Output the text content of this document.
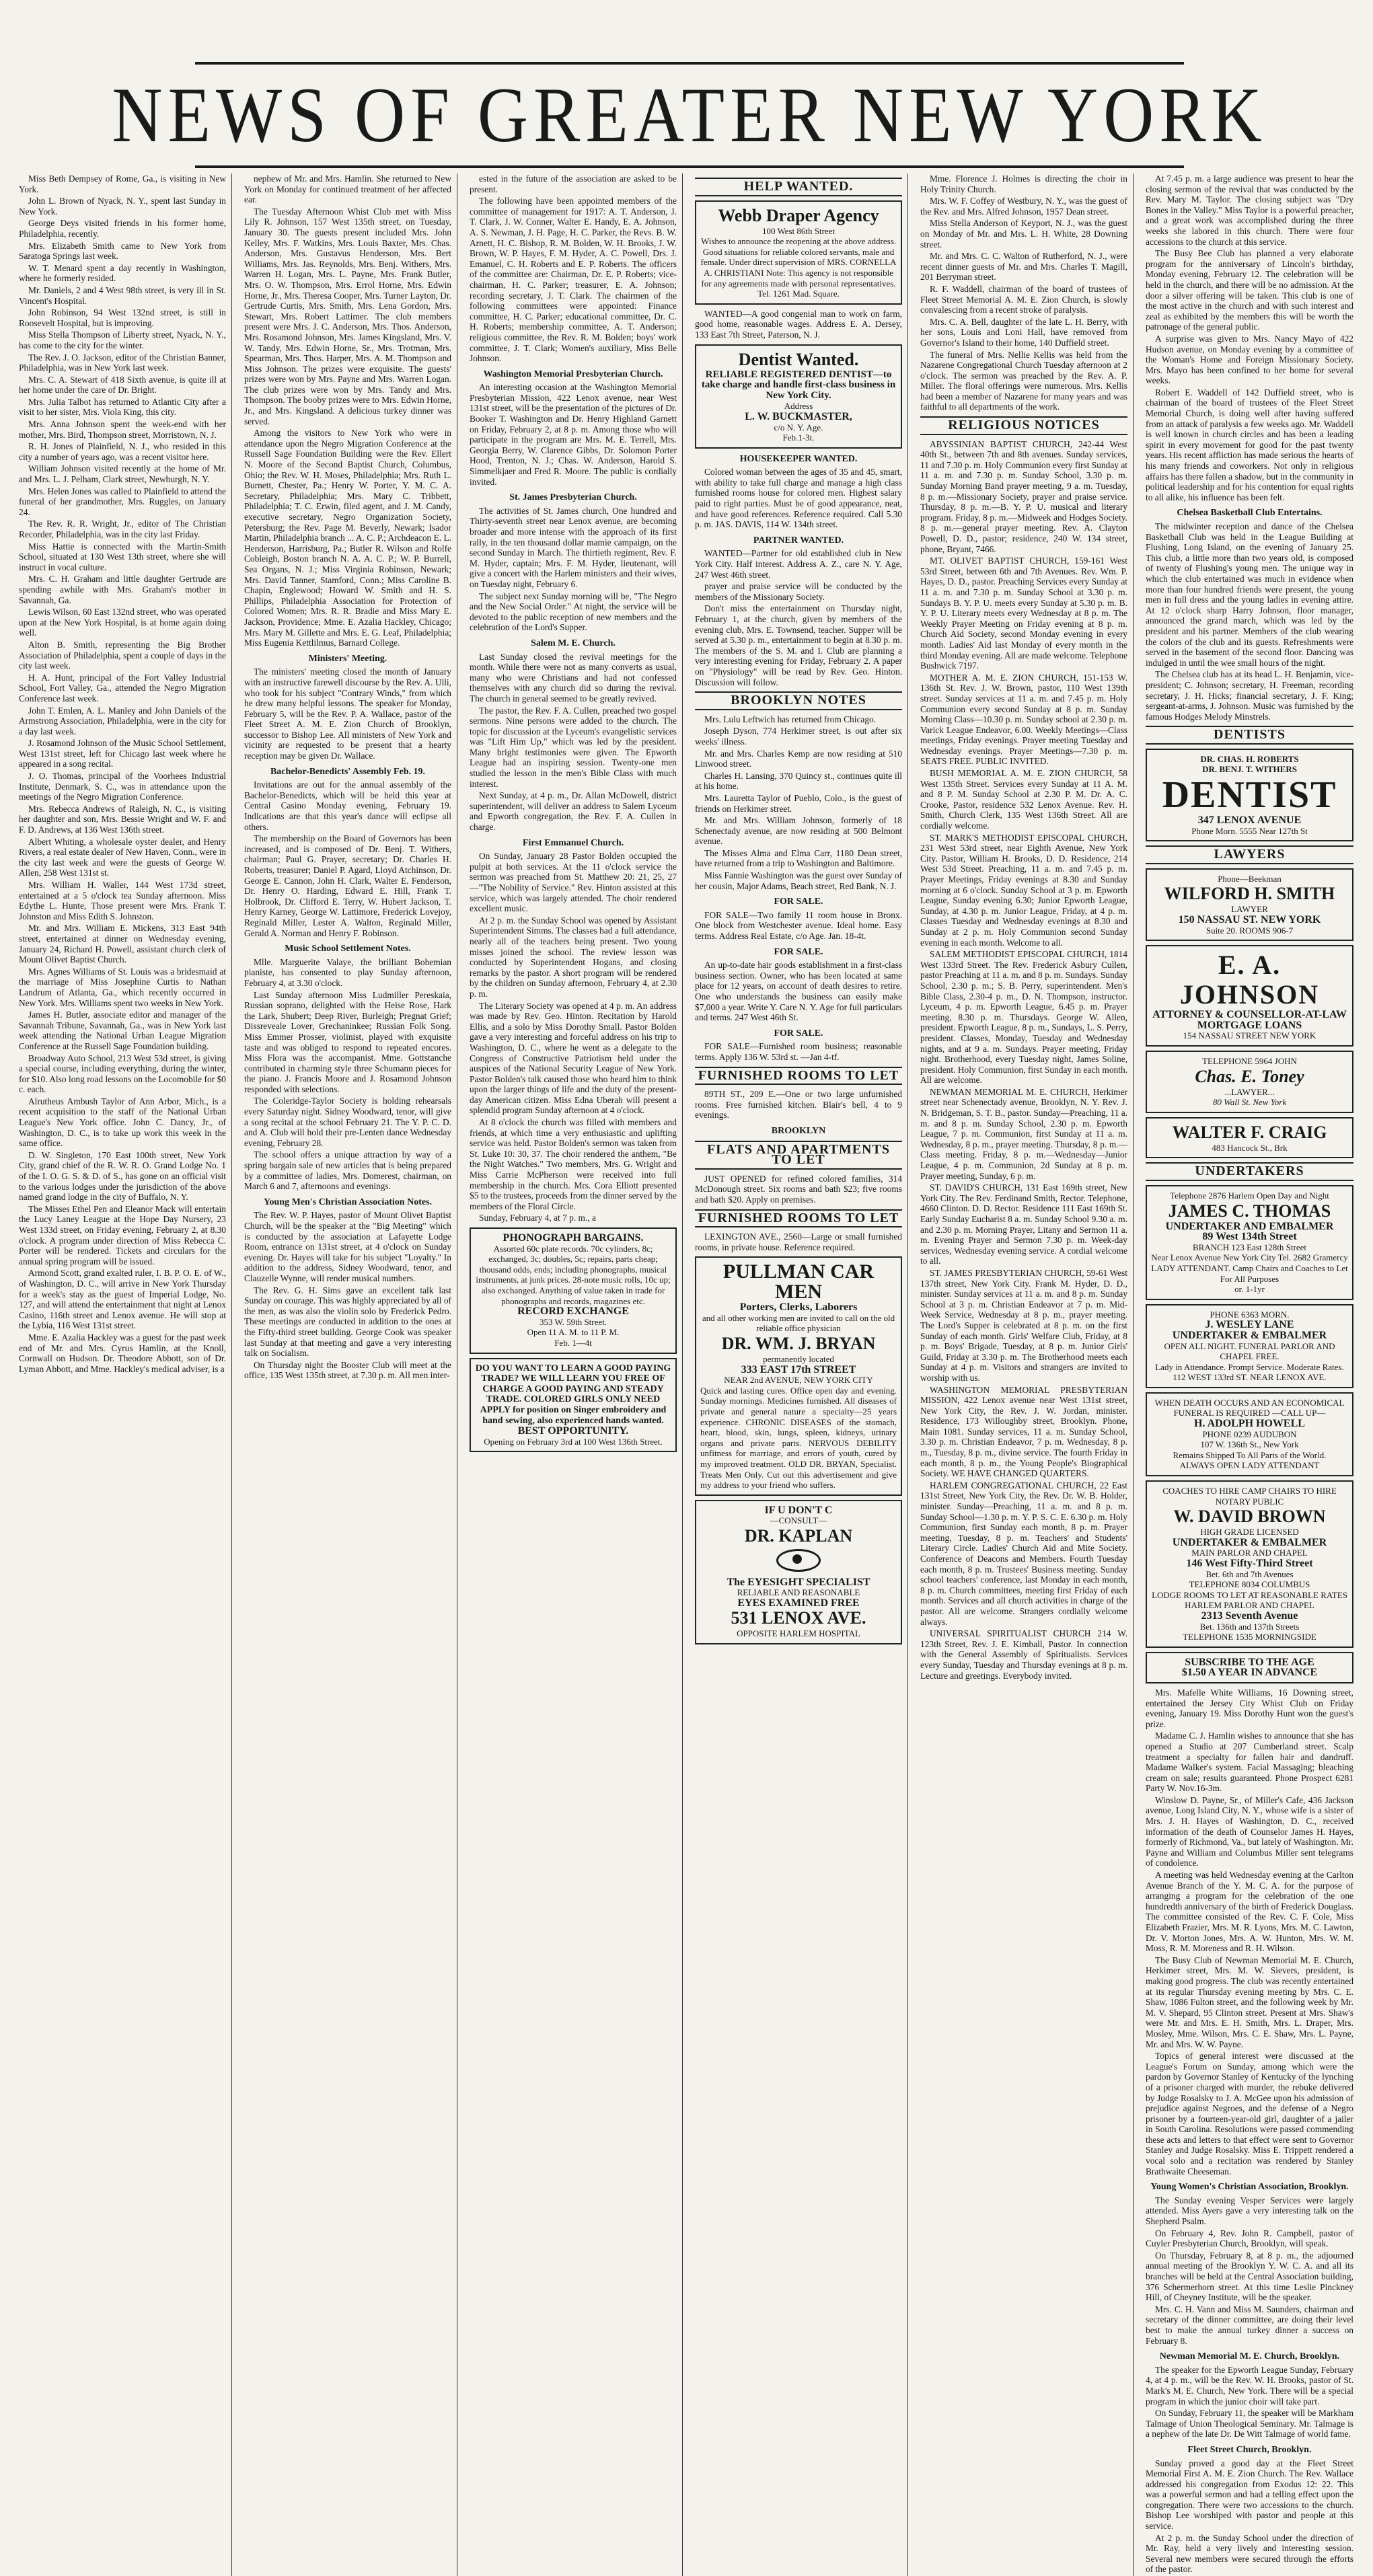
NEWS OF GREATER NEW YORK

Miss Beth Dempsey of Rome, Ga., is visiting in New York.

John L. Brown of Nyack, N. Y., spent last Sunday in New York.

George Deys visited friends in his former home, Philadelphia, recently.

Mrs. Elizabeth Smith came to New York from Saratoga Springs last week.

W. T. Menard spent a day recently in Washington, where he formerly resided.

Mr. Daniels, 2 and 4 West 98th street, is very ill in St. Vincent's Hospital.

John Robinson, 94 West 132nd street, is still in Roosevelt Hospital, but is improving.

Miss Stella Thompson of Liberty street, Nyack, N. Y., has come to the city for the winter.

The Rev. J. O. Jackson, editor of the Christian Banner, Philadelphia, was in New York last week.

Mrs. C. A. Stewart of 418 Sixth avenue, is quite ill at her home under the care of Dr. Bright.

Mrs. Julia Talbot has returned to Atlantic City after a visit to her sister, Mrs. Viola King, this city.

Mrs. Anna Johnson spent the week-end with her mother, Mrs. Bird, Thompson street, Morristown, N. J.

R. H. Jones of Plainfield, N. J., who resided in this city a number of years ago, was a recent visitor here.

William Johnson visited recently at the home of Mr. and Mrs. L. J. Pelham, Clark street, Newburgh, N. Y.

Mrs. Helen Jones was called to Plainfield to attend the funeral of her grandmother, Mrs. Ruggles, on January 24.

The Rev. R. R. Wright, Jr., editor of The Christian Recorder, Philadelphia, was in the city last Friday.

Miss Hattie is connected with the Martin-Smith School, situated at 130 West 13th street, where she will instruct in vocal culture.

Mrs. C. H. Graham and little daughter Gertrude are spending awhile with Mrs. Graham's mother in Savannah, Ga.

Lewis Wilson, 60 East 132nd street, who was operated upon at the New York Hospital, is at home again doing well.

Alton B. Smith, representing the Big Brother Association of Philadelphia, spent a couple of days in the city last week.

H. A. Hunt, principal of the Fort Valley Industrial School, Fort Valley, Ga., attended the Negro Migration Conference last week.

John T. Emlen, A. L. Manley and John Daniels of the Armstrong Association, Philadelphia, were in the city for a day last week.

J. Rosamond Johnson of the Music School Settlement, West 131st street, left for Chicago last week where he appeared in a song recital.

J. O. Thomas, principal of the Voorhees Industrial Institute, Denmark, S. C., was in attendance upon the meetings of the Negro Migration Conference.

Mrs. Rebecca Andrews of Raleigh, N. C., is visiting her daughter and son, Mrs. Bessie Wright and W. F. and F. D. Andrews, at 136 West 136th street.

Albert Whiting, a wholesale oyster dealer, and Henry Rivers, a real estate dealer of New Haven, Conn., were in the city last week and were the guests of George W. Allen, 258 West 131st st.

Mrs. William H. Waller, 144 West 173d street, entertained at a 5 o'clock tea Sunday afternoon. Miss Edythe L. Hunte, Those present were Mrs. Frank T. Johnston and Miss Edith S. Johnston.

Mr. and Mrs. William E. Mickens, 313 East 94th street, entertained at dinner on Wednesday evening, January 24, Richard H. Powell, assistant church clerk of Mount Olivet Baptist Church.

Mrs. Agnes Williams of St. Louis was a bridesmaid at the marriage of Miss Josephine Curtis to Nathan Landrum of Atlanta, Ga., which recently occurred in New York. Mrs. Williams spent two weeks in New York.

James H. Butler, associate editor and manager of the Savannah Tribune, Savannah, Ga., was in New York last week attending the National Urban League Migration Conference at the Russell Sage Foundation building.

Broadway Auto School, 213 West 53d street, is giving a special course, including everything, during the winter, for $10. Also long road lessons on the Locomobile for $0 c. each.

Alrutheus Ambush Taylor of Ann Arbor, Mich., is a recent acquisition to the staff of the National Urban League's New York office. John C. Dancy, Jr., of Washington, D. C., is to take up work this week in the same office.

D. W. Singleton, 170 East 100th street, New York City, grand chief of the R. W. R. O. Grand Lodge No. 1 of the I. O. G. S. & D. of S., has gone on an official visit to the various lodges under the jurisdiction of the above named grand lodge in the city of Buffalo, N. Y.

The Misses Ethel Pen and Eleanor Mack will entertain the Lucy Laney League at the Hope Day Nursery, 23 West 133d street, on Friday evening, February 2, at 8.30 o'clock. A program under direction of Miss Rebecca C. Porter will be rendered. Tickets and circulars for the annual spring program will be issued.

Armond Scott, grand exalted ruler, I. B. P. O. E. of W., of Washington, D. C., will arrive in New York Thursday for a week's stay as the guest of Imperial Lodge, No. 127, and will attend the entertainment that night at Lenox Casino, 116th street and Lenox avenue. He will stop at the Lybia, 116 West 131st street.

Mme. E. Azalia Hackley was a guest for the past week end of Mr. and Mrs. Cyrus Hamlin, at the Knoll, Cornwall on Hudson. Dr. Theodore Abbott, son of Dr. Lyman Abbott, and Mme. Hackley's medical adviser, is a

nephew of Mr. and Mrs. Hamlin. She returned to New York on Monday for continued treatment of her affected ear.

The Tuesday Afternoon Whist Club met with Miss Lily R. Johnson, 157 West 135th street, on Tuesday, January 30. The guests present included Mrs. John Kelley, Mrs. F. Watkins, Mrs. Louis Baxter, Mrs. Chas. Anderson, Mrs. Gustavus Henderson, Mrs. Bert Williams, Mrs. Jas. Reynolds, Mrs. Benj. Withers, Mrs. Warren H. Logan, Mrs. L. Payne, Mrs. Frank Butler, Mrs. O. W. Thompson, Mrs. Errol Horne, Mrs. Edwin Horne, Jr., Mrs. Theresa Cooper, Mrs. Turner Layton, Dr. Gertrude Curtis, Mrs. Smith, Mrs. Lena Gordon, Mrs. Stewart, Mrs. Robert Lattimer. The club members present were Mrs. J. C. Anderson, Mrs. Thos. Anderson, Mrs. Rosamond Johnson, Mrs. James Kingsland, Mrs. V. W. Tandy, Mrs. Edwin Horne, Sr., Mrs. Trotman, Mrs. Spearman, Mrs. Thos. Harper, Mrs. A. M. Thompson and Miss Johnson. The prizes were exquisite. The guests' prizes were won by Mrs. Payne and Mrs. Warren Logan. The club prizes were won by Mrs. Tandy and Mrs. Thompson. The booby prizes were to Mrs. Edwin Horne, Jr., and Mrs. Kingsland. A delicious turkey dinner was served.

Among the visitors to New York who were in attendance upon the Negro Migration Conference at the Russell Sage Foundation Building were the Rev. Ellert N. Moore of the Second Baptist Church, Columbus, Ohio; the Rev. W. H. Moses, Philadelphia; Mrs. Ruth L. Burnett, Chester, Pa.; Henry W. Porter, Y. M. C. A. Secretary, Philadelphia; Mrs. Mary C. Tribbett, Philadelphia; T. C. Erwin, filed agent, and J. M. Candy, executive secretary, Negro Organization Society, Petersburg; the Rev. Page M. Beverly, Newark; Isador Martin, Philadelphia branch ... A. C. P.; Archdeacon E. L. Henderson, Harrisburg, Pa.; Butler R. Wilson and Rolfe Cobleigh, Boston branch N. A. A. C. P.; W. P. Burrell, Sea Organs, N. J.; Miss Virginia Robinson, Newark; Mrs. David Tanner, Stamford, Conn.; Miss Caroline B. Chapin, Englewood; Howard W. Smith and H. S. Phillips, Philadelphia Association for Protection of Colored Women; Mrs. R. R. Bradie and Miss Mary E. Jackson, Providence; Mme. E. Azalia Hackley, Chicago; Mrs. Mary M. Gillette and Mrs. E. G. Leaf, Philadelphia; Miss Eugenia Kettlilmus, Barnard College.

Ministers' Meeting.

The ministers' meeting closed the month of January with an instructive farewell discourse by the Rev. A. Ulli, who took for his subject "Contrary Winds," from which he drew many helpful lessons. The speaker for Monday, February 5, will be the Rev. P. A. Wallace, pastor of the Fleet Street A. M. E. Zion Church of Brooklyn, successor to Bishop Lee. All ministers of New York and vicinity are requested to be present that a hearty reception may be given Dr. Wallace.

Bachelor-Benedicts' Assembly Feb. 19.

Invitations are out for the annual assembly of the Bachelor-Benedicts, which will be held this year at Central Casino Monday evening, February 19. Indications are that this year's dance will eclipse all others.

The membership on the Board of Governors has been increased, and is composed of Dr. Benj. T. Withers, chairman; Paul G. Prayer, secretary; Dr. Charles H. Roberts, treasurer; Daniel P. Agard, Lloyd Atchinson, Dr. George E. Cannon, John H. Clark, Walter E. Fenderson, Dr. Henry O. Harding, Edward E. Hill, Frank T. Holbrook, Dr. Clifford E. Terry, W. Hubert Jackson, T. Henry Karney, George W. Lattimore, Frederick Lovejoy, Reginald Miller, Lester A. Walton, Reginald Miller, Gerald A. Norman and Henry F. Robinson.

Music School Settlement Notes.

Mlle. Marguerite Valaye, the brilliant Bohemian pianiste, has consented to play Sunday afternoon, February 4, at 3.30 o'clock.

Last Sunday afternoon Miss Ludmiller Pereskaia, Russian soprano, delighted with the Heise Rose, Hark the Lark, Shubert; Deep River, Burleigh; Pregnat Grief; Dissreveale Lover, Grechaninkee; Russian Folk Song. Miss Emmer Prosser, violinist, played with exquisite taste and was obliged to respond to repeated encores. Miss Flora was the accompanist. Mme. Gottstanche contributed in charming style three Schumann pieces for the piano. J. Francis Moore and J. Rosamond Johnson responded with selections.

The Coleridge-Taylor Society is holding rehearsals every Saturday night. Sidney Woodward, tenor, will give a song recital at the school February 21. The Y. P. C. D. and A. Club will hold their pre-Lenten dance Wednesday evening, February 28.

The school offers a unique attraction by way of a spring bargain sale of new articles that is being prepared by a committee of ladies, Mrs. Domerest, chairman, on March 6 and 7, afternoons and evenings.

Young Men's Christian Association Notes.

The Rev. W. P. Hayes, pastor of Mount Olivet Baptist Church, will be the speaker at the "Big Meeting" which is conducted by the association at Lafayette Lodge Room, entrance on 131st street, at 4 o'clock on Sunday evening. Dr. Hayes will take for his subject "Loyalty." In addition to the address, Sidney Woodward, tenor, and Clauzelle Wynne, will render musical numbers.

The Rev. G. H. Sims gave an excellent talk last Sunday on courage. This was highly appreciated by all of the men, as was also the violin solo by Frederick Pedro. These meetings are conducted in addition to the ones at the Fifty-third street building. George Cook was speaker last Sunday at that meeting and gave a very interesting talk on Socialism.

On Thursday night the Booster Club will meet at the office, 135 West 135th street, at 7.30 p. m. All men inter-

ested in the future of the association are asked to be present.

The following have been appointed members of the committee of management for 1917: A. T. Anderson, J. T. Clark, J. W. Conner, Walter E. Handy, E. A. Johnson, A. S. Newman, J. H. Page, H. C. Parker, the Revs. B. W. Arnett, H. C. Bishop, R. M. Bolden, W. H. Brooks, J. W. Brown, W. P. Hayes, F. M. Hyder, A. C. Powell, Drs. J. Emanuel, C. H. Roberts and E. P. Roberts. The officers of the committee are: Chairman, Dr. E. P. Roberts; vice-chairman, H. C. Parker; treasurer, E. A. Johnson; recording secretary, J. T. Clark. The chairmen of the following committees were appointed: Finance committee, H. C. Parker; educational committee, Dr. C. H. Roberts; membership committee, A. T. Anderson; religious committee, the Rev. R. M. Bolden; boys' work committee, J. T. Clark; Women's auxiliary, Miss Belle Johnson.

Washington Memorial Presbyterian Church.

An interesting occasion at the Washington Memorial Presbyterian Mission, 422 Lenox avenue, near West 131st street, will be the presentation of the pictures of Dr. Booker T. Washington and Dr. Henry Highland Garnett on Friday, February 2, at 8 p. m. Among those who will participate in the program are Mrs. M. E. Terrell, Mrs. Georgia Berry, W. Clarence Gibbs, Dr. Solomon Porter Hood, Trenton, N. J.; Chas. W. Anderson, Harold S. Simmelkjaer and Fred R. Moore. The public is cordially invited.

St. James Presbyterian Church.

The activities of St. James church, One hundred and Thirty-seventh street near Lenox avenue, are becoming broader and more intense with the approach of its first rally, in the ten thousand dollar mamie campaign, on the second Sunday in March. The thirtieth regiment, Rev. F. M. Hyder, captain; Mrs. F. M. Hyder, lieutenant, will give a concert with the Harlem ministers and their wives, on Tuesday night, February 6.

The subject next Sunday morning will be, "The Negro and the New Social Order." At night, the service will be devoted to the public reception of new members and the celebration of the Lord's Supper.

Salem M. E. Church.

Last Sunday closed the revival meetings for the month. While there were not as many converts as usual, many who were Christians and had not confessed themselves with any church did so during the revival. The church in general seemed to be greatly revived.

The pastor, the Rev. F. A. Cullen, preached two gospel sermons. Nine persons were added to the church. The topic for discussion at the Lyceum's evangelistic services was "Lift Him Up," which was led by the president. Many bright testimonies were given. The Epworth League had an inspiring session. Twenty-one men studied the lesson in the men's Bible Class with much interest.

Next Sunday, at 4 p. m., Dr. Allan McDowell, district superintendent, will deliver an address to Salem Lyceum and Epworth congregation, the Rev. F. A. Cullen in charge.

First Emmanuel Church.

On Sunday, January 28 Pastor Bolden occupied the pulpit at both services. At the 11 o'clock service the sermon was preached from St. Matthew 20: 21, 25, 27—"The Nobility of Service." Rev. Hinton assisted at this service, which was largely attended. The choir rendered excellent music.

At 2 p. m. the Sunday School was opened by Assistant Superintendent Simms. The classes had a full attendance, nearly all of the teachers being present. Two young misses joined the school. The review lesson was conducted by Superintendent Hogans, and closing remarks by the pastor. A short program will be rendered by the children on Sunday afternoon, February 4, at 2.30 p. m.

The Literary Society was opened at 4 p. m. An address was made by Rev. Geo. Hinton. Recitation by Harold Ellis, and a solo by Miss Dorothy Small. Pastor Bolden gave a very interesting and forceful address on his trip to Washington, D. C., where he went as a delegate to the Congress of Constructive Patriotism held under the auspices of the National Security League of New York. Pastor Bolden's talk caused those who heard him to think upon the larger things of life and the duty of the present-day American citizen. Miss Edna Uberah will present a splendid program Sunday afternoon at 4 o'clock.

At 8 o'clock the church was filled with members and friends, at which time a very enthusiastic and uplifting service was held. Pastor Bolden's sermon was taken from St. Luke 10: 30, 37. The choir rendered the anthem, "Be the Night Watches." Two members, Mrs. G. Wright and Miss Carrie McPherson were received into full membership in the church. Mrs. Cora Elliott presented $5 to the trustees, proceeds from the dinner served by the members of the Floral Circle.

Sunday, February 4, at 7 p. m., a

PHONOGRAPH BARGAINS.
Assorted 60c plate records. 70c cylinders, 8c; exchanged, 3c; doubles, 5c; repairs, parts cheap; thousand odds, ends; including phonographs, musical instruments, at junk prices. 28-note music rolls, 10c up; also exchanged. Anything of value taken in trade for phonographs and records, magazines etc.
RECORD EXCHANGE
353 W. 59th Street.
Open 11 A. M. to 11 P. M.
Feb. 1—4t
DO YOU WANT TO LEARN A GOOD PAYING TRADE? WE WILL LEARN YOU FREE OF CHARGE A GOOD PAYING AND STEADY TRADE. COLORED GIRLS ONLY NEED APPLY for position on Singer embroidery and hand sewing, also experienced hands wanted.
BEST OPPORTUNITY.
Opening on February 3rd at 100 West 136th Street.
HELP WANTED.
Webb Draper Agency
100 West 86th Street
Wishes to announce the reopening at the above address. Good situations for reliable colored servants, male and female. Under direct supervision of MRS. CORNELLA A. CHRISTIANI Note: This agency is not responsible for any agreements made with personal representatives. Tel. 1261 Mad. Square.

WANTED—A good congenial man to work on farm, good home, reasonable wages. Address E. A. Dersey, 133 East 7th Street, Paterson, N. J.

Dentist Wanted.
RELIABLE REGISTERED DENTIST—to take charge and handle first-class business in New York City.
Address
L. W. BUCKMASTER,
c/o N. Y. Age.
Feb.1-3t.

HOUSEKEEPER WANTED.

Colored woman between the ages of 35 and 45, smart, with ability to take full charge and manage a high class furnished rooms house for colored men. Highest salary paid to right parties. Must be of good appearance, neat, and have good references. Reference required. Call 5.30 p. m. JAS. DAVIS, 114 W. 134th street.

PARTNER WANTED.

WANTED—Partner for old established club in New York City. Half interest. Address A. Z., care N. Y. Age, 247 West 46th street.

prayer and praise service will be conducted by the members of the Missionary Society.

Don't miss the entertainment on Thursday night, February 1, at the church, given by members of the evening club, Mrs. E. Townsend, teacher. Supper will be served at 5.30 p. m., entertainment to begin at 8.30 p. m. The members of the S. M. and I. Club are planning a very interesting evening for Friday, February 2. A paper on "Physiology" will be read by Rev. Geo. Hinton. Discussion will follow.

BROOKLYN NOTES

Mrs. Lulu Leftwich has returned from Chicago.

Joseph Dyson, 774 Herkimer street, is out after six weeks' illness.

Mr. and Mrs. Charles Kemp are now residing at 510 Linwood street.

Charles H. Lansing, 370 Quincy st., continues quite ill at his home.

Mrs. Lauretta Taylor of Pueblo, Colo., is the guest of friends on Herkimer street.

Mr. and Mrs. William Johnson, formerly of 18 Schenectady avenue, are now residing at 500 Belmont avenue.

The Misses Alma and Elma Carr, 1180 Dean street, have returned from a trip to Washington and Baltimore.

Miss Fannie Washington was the guest over Sunday of her cousin, Major Adams, Beach street, Red Bank, N. J.

FOR SALE.

FOR SALE—Two family 11 room house in Bronx. One block from Westchester avenue. Ideal home. Easy terms. Address Real Estate, c/o Age. Jan. 18-4t.

FOR SALE.

An up-to-date hair goods establishment in a first-class business section. Owner, who has been located at same place for 12 years, on account of death desires to retire. One who understands the business can easily make $7,000 a year. Write Y. Care N. Y. Age for full particulars and terms. 247 West 46th St.

FOR SALE.

FOR SALE—Furnished room business; reasonable terms. Apply 136 W. 53rd st. —Jan 4-tf.

FURNISHED ROOMS TO LET

89TH ST., 209 E.—One or two large unfurnished rooms. Free furnished kitchen. Blair's bell, 4 to 9 evenings.

BROOKLYN

FLATS AND APARTMENTS TO LET

JUST OPENED for refined colored families, 314 McDonough street. Six rooms and bath $23; five rooms and bath $20. Apply on premises.

FURNISHED ROOMS TO LET

LEXINGTON AVE., 2560—Large or small furnished rooms, in private house. Reference required.

PULLMAN CAR MEN
Porters, Clerks, Laborers
and all other working men are invited to call on the old reliable office physician
DR. WM. J. BRYAN
permanently located
333 EAST 17th STREET
NEAR 2nd AVENUE, NEW YORK CITY
Quick and lasting cures. Office open day and evening. Sunday mornings. Medicines furnished. All diseases of private and general nature a specialty—25 years experience. CHRONIC DISEASES of the stomach, heart, blood, skin, lungs, spleen, kidneys, urinary organs and private parts. NERVOUS DEBILITY unfitness for marriage, and errors of youth, cured by my improved treatment. OLD DR. BRYAN, Specialist. Treats Men Only. Cut out this advertisement and give my address to your friend who suffers.
IF U DON'T C
—CONSULT—
DR. KAPLAN
The EYESIGHT SPECIALIST
RELIABLE AND REASONABLE
EYES EXAMINED FREE
531 LENOX AVE.
OPPOSITE HARLEM HOSPITAL

Mme. Florence J. Holmes is directing the choir in Holy Trinity Church.

Mrs. W. F. Coffey of Westbury, N. Y., was the guest of the Rev. and Mrs. Alfred Johnson, 1957 Dean street.

Miss Stella Anderson of Keyport, N. J., was the guest on Monday of Mr. and Mrs. L. H. White, 28 Downing street.

Mr. and Mrs. C. C. Walton of Rutherford, N. J., were recent dinner guests of Mr. and Mrs. Charles T. Magill, 201 Berryman street.

R. F. Waddell, chairman of the board of trustees of Fleet Street Memorial A. M. E. Zion Church, is slowly convalescing from a recent stroke of paralysis.

Mrs. C. A. Bell, daughter of the late L. H. Berry, with her sons, Louis and Loni Hall, have removed from Governor's Island to their home, 140 Duffield street.

The funeral of Mrs. Nellie Kellis was held from the Nazarene Congregational Church Tuesday afternoon at 2 o'clock. The sermon was preached by the Rev. A. P. Miller. The floral offerings were numerous. Mrs. Kellis had been a member of Nazarene for many years and was faithful to all departments of the work.

RELIGIOUS NOTICES

ABYSSINIAN BAPTIST CHURCH, 242-44 West 40th St., between 7th and 8th avenues. Sunday services, 11 and 7.30 p. m. Holy Communion every first Sunday at 11 a. m. and 7.30 p. m. Sunday School, 3.30 p. m. Sunday Morning Band prayer meeting, 9 a. m. Tuesday, 8 p. m.—Missionary Society, prayer and praise service. Thursday, 8 p. m.—B. Y. P. U. musical and literary program. Friday, 8 p. m.—Midweek and Hodges Society. 8 p. m.—general prayer meeting. Rev. A. Clayton Powell, D. D., pastor; residence, 240 W. 134 street, phone, Bryant, 7466.

MT. OLIVET BAPTIST CHURCH, 159-161 West 53rd Street, between 6th and 7th Avenues. Rev. Wm. P. Hayes, D. D., pastor. Preaching Services every Sunday at 11 a. m. and 7.30 p. m. Sunday School at 3.30 p. m. Sundays B. Y. P. U. meets every Sunday at 5.30 p. m. B. Y. P. U. Literary meets every Wednesday at 8 p. m. The Weekly Prayer Meeting on Friday evening at 8 p. m. Church Aid Society, second Monday evening in every month. Ladies' Aid last Monday of every month in the third Monday evening. All are made welcome. Telephone Bushwick 7197.

MOTHER A. M. E. ZION CHURCH, 151-153 W. 136th St. Rev. J. W. Brown, pastor, 110 West 139th street. Sunday services at 11 a. m. and 7.45 p. m. Holy Communion every second Sunday at 8 p. m. Sunday Morning Class—10.30 p. m. Sunday school at 2.30 p. m. Varick League Endeavor, 6.00. Weekly Meetings—Class meetings, Friday evenings. Prayer meeting Tuesday and Wednesday evenings. Prayer Meetings—7.30 p. m. SEATS FREE. PUBLIC INVITED.

BUSH MEMORIAL A. M. E. ZION CHURCH, 58 West 135th Street. Services every Sunday at 11 A. M. and 8 P. M. Sunday School at 2.30 P. M. Dr. A. C. Crooke, Pastor, residence 532 Lenox Avenue. Rev. H. Smith, Church Clerk, 135 West 136th Street. All are cordially welcome.

ST. MARK'S METHODIST EPISCOPAL CHURCH, 231 West 53rd street, near Eighth Avenue, New York City. Pastor, William H. Brooks, D. D. Residence, 214 West 53d Street. Preaching, 11 a. m. and 7.45 p. m. Prayer Meetings, Friday evenings at 8.30 and Sunday morning at 6 o'clock. Sunday School at 3 p. m. Epworth League, Sunday evening 6.30; Junior Epworth League, Sunday, at 4.30 p. m. Junior League, Friday, at 4 p. m. Classes Tuesday and Wednesday evenings at 8.30 and Sunday at 2 p. m. Holy Communion second Sunday evening in each month. Welcome to all.

SALEM METHODIST EPISCOPAL CHURCH, 1814 West 133rd Street. The Rev. Frederick Asbury Cullen, pastor Preaching at 11 a. m. and 8 p. m. Sundays. Sunday School, 2.30 p. m.; S. B. Perry, superintendent. Men's Bible Class, 2.30-4 p. m., D. N. Thompson, instructor. Lyceum, 4 p. m. Epworth League, 6.45 p. m. Prayer meeting, 8.30 p. m. Thursdays. George W. Allen, president. Epworth League, 8 p. m., Sundays, L. S. Perry, president. Classes, Monday, Tuesday and Wednesday nights, and at 9 a. m. Sundays. Prayer meeting, Friday night. Brotherhood, every Tuesday night, James Soline, president. Holy Communion, first Sunday in each month. All are welcome.

NEWMAN MEMORIAL M. E. CHURCH, Herkimer street near Schenectady avenue, Brooklyn, N. Y. Rev. J. N. Bridgeman, S. T. B., pastor. Sunday—Preaching, 11 a. m. and 8 p. m. Sunday School, 2.30 p. m. Epworth League, 7 p. m. Communion, first Sunday at 11 a. m. Wednesday, 8 p. m., prayer meeting. Thursday, 8 p. m.—Class meeting. Friday, 8 p. m.—Wednesday—Junior League, 4 p. m. Communion, 2d Sunday at 8 p. m. Prayer meeting, Sunday, 6 p. m.

ST. DAVID'S CHURCH, 131 East 169th street, New York City. The Rev. Ferdinand Smith, Rector. Telephone, 4660 Clinton. D. D. Rector. Residence 111 East 169th St. Early Sunday Eucharist 8 a. m. Sunday School 9.30 a. m. and 2.30 p. m. Morning Prayer, Litany and Sermon 11 a. m. Evening Prayer and Sermon 7.30 p. m. Week-day services, Wednesday evening service. A cordial welcome to all.

ST. JAMES PRESBYTERIAN CHURCH, 59-61 West 137th street, New York City. Frank M. Hyder, D. D., minister. Sunday services at 11 a. m. and 8 p. m. Sunday School at 3 p. m. Christian Endeavor at 7 p. m. Mid-Week Service, Wednesday at 8 p. m., prayer meeting. The Lord's Supper is celebrated at 8 p. m. on the first Sunday of each month. Girls' Welfare Club, Friday, at 8 p. m. Boys' Brigade, Tuesday, at 8 p. m. Junior Girls' Guild, Friday at 3.30 p. m. The Brotherhood meets each Sunday at 4 p. m. Visitors and strangers are invited to worship with us.

WASHINGTON MEMORIAL PRESBYTERIAN MISSION, 422 Lenox avenue near West 131st street, New York City, the Rev. J. W. Jordan, minister. Residence, 173 Willoughby street, Brooklyn. Phone, Main 1081. Sunday services, 11 a. m. Sunday School, 3.30 p. m. Christian Endeavor, 7 p. m. Wednesday, 8 p. m., Tuesday, 8 p. m., divine service. The fourth Friday in each month, 8 p. m., the Young People's Biographical Society. WE HAVE CHANGED QUARTERS.

HARLEM CONGREGATIONAL CHURCH, 22 East 131st Street, New York City, the Rev. Dr. W. B. Holder, minister. Sunday—Preaching, 11 a. m. and 8 p. m. Sunday School—1.30 p. m. Y. P. S. C. E. 6.30 p. m. Holy Communion, first Sunday each month, 8 p. m. Prayer meeting, Tuesday, 8 p. m. Teachers' and Students' Literary Circle. Ladies' Church Aid and Mite Society. Conference of Deacons and Members. Fourth Tuesday each month, 8 p. m. Trustees' Business meeting. Sunday school teachers' conference, last Monday in each month, 8 p. m. Church committees, meeting first Friday of each month. Services and all church activities in charge of the pastor. All are welcome. Strangers cordially welcome always.

UNIVERSAL SPIRITUALIST CHURCH 214 W. 123th Street, Rev. J. E. Kimball, Pastor. In connection with the General Assembly of Spiritualists. Services every Sunday, Tuesday and Thursday evenings at 8 p. m. Lecture and greetings. Everybody invited.

At 7.45 p. m. a large audience was present to hear the closing sermon of the revival that was conducted by the Rev. Mary M. Taylor. The closing subject was "Dry Bones in the Valley." Miss Taylor is a powerful preacher, and a great work was accomplished during the three weeks she labored in this church. There were four accessions to the church at this service.

The Busy Bee Club has planned a very elaborate program for the anniversary of Lincoln's birthday, Monday evening, February 12. The celebration will be held in the church, and there will be no admission. At the door a silver offering will be taken. This club is one of the most active in the church and with such interest and zeal as exhibited by the members this will be worth the patronage of the general public.

A surprise was given to Mrs. Nancy Mayo of 422 Hudson avenue, on Monday evening by a committee of the Woman's Home and Foreign Missionary Society. Mrs. Mayo has been confined to her home for several weeks.

Robert E. Waddell of 142 Duffield street, who is chairman of the board of trustees of the Fleet Street Memorial Church, is doing well after having suffered from an attack of paralysis a few weeks ago. Mr. Waddell is well known in church circles and has been a leading spirit in every movement for good for the past twenty years. His recent affliction has made serious the hearts of his many friends and coworkers. Not only in religious affairs has there fallen a shadow, but in the community in political leadership and for his contention for equal rights to all alike, his influence has been felt.

Chelsea Basketball Club Entertains.

The midwinter reception and dance of the Chelsea Basketball Club was held in the League Building at Flushing, Long Island, on the evening of January 25. This club, a little more than two years old, is composed of twenty of Flushing's young men. The unique way in which the club entertained was much in evidence when more than four hundred friends were present, the young men in full dress and the young ladies in evening attire. At 12 o'clock sharp Harry Johnson, floor manager, announced the grand march, which was led by the president and his partner. Members of the club wearing the colors of the club and its guests. Refreshments were served in the basement of the second floor. Dancing was indulged in until the wee small hours of the night.

The Chelsea club has at its head L. H. Benjamin, vice-president; C. Johnson; secretary, H. Freeman, recording secretary, J. H. Hicks; financial secretary, J. F. King; sergeant-at-arms, J. Johnson. Music was furnished by the famous Hodges Melody Minstrels.

DENTISTS
DR. CHAS. H. ROBERTS
DR. BENJ. T. WITHERS
DENTIST
347 LENOX AVENUE
Phone Morn. 5555 Near 127th St
LAWYERS
Phone—Beekman
WILFORD H. SMITH
LAWYER
150 NASSAU ST. NEW YORK
Suite 20. ROOMS 906-7
E. A. JOHNSON
ATTORNEY & COUNSELLOR-AT-LAW
MORTGAGE LOANS
154 NASSAU STREET NEW YORK
TELEPHONE 5964 JOHN
Chas. E. Toney
...LAWYER...
80 Wall St. New York
WALTER F. CRAIG
483 Hancock St., Brk
UNDERTAKERS
Telephone 2876 Harlem Open Day and Night
JAMES C. THOMAS
UNDERTAKER AND EMBALMER
89 West 134th Street
BRANCH 123 East 128th Street
Near Lenox Avenue New York City Tel. 2682 Gramercy
LADY ATTENDANT. Camp Chairs and Coaches to Let For All Purposes
or. 1-1yr
PHONE 6363 MORN.
J. WESLEY LANE
UNDERTAKER & EMBALMER
OPEN ALL NIGHT. FUNERAL PARLOR AND CHAPEL FREE.
Lady in Attendance. Prompt Service. Moderate Rates.
112 WEST 133rd ST. NEAR LENOX AVE.
WHEN DEATH OCCURS AND AN ECONOMICAL FUNERAL IS REQUIRED —CALL UP—
H. ADOLPH HOWELL
PHONE 0239 AUDUBON
107 W. 136th St., New York
Remains Shipped To All Parts of the World.
ALWAYS OPEN LADY ATTENDANT
COACHES TO HIRE CAMP CHAIRS TO HIRE
NOTARY PUBLIC
W. DAVID BROWN
HIGH GRADE LICENSED
UNDERTAKER & EMBALMER
MAIN PARLOR AND CHAPEL
146 West Fifty-Third Street
Bet. 6th and 7th Avenues
TELEPHONE 8034 COLUMBUS
LODGE ROOMS TO LET AT REASONABLE RATES
HARLEM PARLOR AND CHAPEL
2313 Seventh Avenue
Bet. 136th and 137th Streets
TELEPHONE 1535 MORNINGSIDE
SUBSCRIBE TO THE AGE
$1.50 A YEAR IN ADVANCE

Mrs. Mafelle White Williams, 16 Downing street, entertained the Jersey City Whist Club on Friday evening, January 19. Miss Dorothy Hunt won the guest's prize.

Madame C. J. Hamlin wishes to announce that she has opened a Studio at 207 Cumberland street. Scalp treatment a specialty for fallen hair and dandruff. Madame Walker's system. Facial Massaging; bleaching cream on sale; results guaranteed. Phone Prospect 6281 Party W. Nov.16-3m.

Winslow D. Payne, Sr., of Miller's Cafe, 436 Jackson avenue, Long Island City, N. Y., whose wife is a sister of Mrs. J. H. Hayes of Washington, D. C., received information of the death of Counselor James H. Hayes, formerly of Richmond, Va., but lately of Washington. Mr. Payne and William and Columbus Miller sent telegrams of condolence.

A meeting was held Wednesday evening at the Carlton Avenue Branch of the Y. M. C. A. for the purpose of arranging a program for the celebration of the one hundredth anniversary of the birth of Frederick Douglass. The committee consisted of the Rev. C. F. Cole, Miss Elizabeth Frazier, Mrs. M. R. Lyons, Mrs. M. C. Lawton, Dr. V. Morton Jones, Mrs. A. W. Hunton, Mrs. W. M. Moss, R. M. Moreness and R. H. Wilson.

The Busy Club of Newman Memorial M. E. Church, Herkimer street, Mrs. M. W. Sievers, president, is making good progress. The club was recently entertained at its regular Thursday evening meeting by Mrs. C. E. Shaw, 1086 Fulton street, and the following week by Mr. M. V. Shepard, 95 Clinton street. Present at Mrs. Shaw's were Mr. and Mrs. E. H. Smith, Mrs. L. Draper, Mrs. Mosley, Mme. Wilson, Mrs. C. E. Shaw, Mrs. L. Payne, Mr. and Mrs. W. W. Payne.

Topics of general interest were discussed at the League's Forum on Sunday, among which were the pardon by Governor Stanley of Kentucky of the lynching of a prisoner charged with murder, the rebuke delivered by Judge Rosalsky to J. A. McGee upon his admission of prejudice against Negroes, and the defense of a Negro prisoner by a fourteen-year-old girl, daughter of a jailer in South Carolina. Resolutions were passed commending these acts and letters to that effect were sent to Governor Stanley and Judge Rosalsky. Miss E. Trippett rendered a vocal solo and a recitation was rendered by Stanley Brathwaite Cheeseman.

Young Women's Christian Association, Brooklyn.

The Sunday evening Vesper Services were largely attended. Miss Ayers gave a very interesting talk on the Shepherd Psalm.

On February 4, Rev. John R. Campbell, pastor of Cuyler Presbyterian Church, Brooklyn, will speak.

On Thursday, February 8, at 8 p. m., the adjourned annual meeting of the Brooklyn Y. W. C. A. and all its branches will be held at the Central Association building, 376 Schermerhorn street. At this time Leslie Pinckney Hill, of Cheyney Institute, will be the speaker.

Mrs. C. H. Vann and Miss M. Saunders, chairman and secretary of the dinner committee, are doing their level best to make the annual turkey dinner a success on February 8.

Newman Memorial M. E. Church, Brooklyn.

The speaker for the Epworth League Sunday, February 4, at 4 p. m., will be the Rev. W. H. Brooks, pastor of St. Mark's M. E. Church, New York. There will be a special program in which the junior choir will take part.

On Sunday, February 11, the speaker will be Markham Talmage of Union Theological Seminary. Mr. Talmage is a nephew of the late Dr. De Witt Talmage of world fame.

Fleet Street Church, Brooklyn.

Sunday proved a good day at the Fleet Street Memorial First A. M. E. Zion Church. The Rev. Wallace addressed his congregation from Exodus 12: 22. This was a powerful sermon and had a telling effect upon the congregation. There were two accessions to the church. Bishop Lee worshiped with pastor and people at this service.

At 2 p. m. the Sunday School under the direction of Mr. Ray, held a very lively and interesting session. Several new members were secured through the efforts of the pastor.
